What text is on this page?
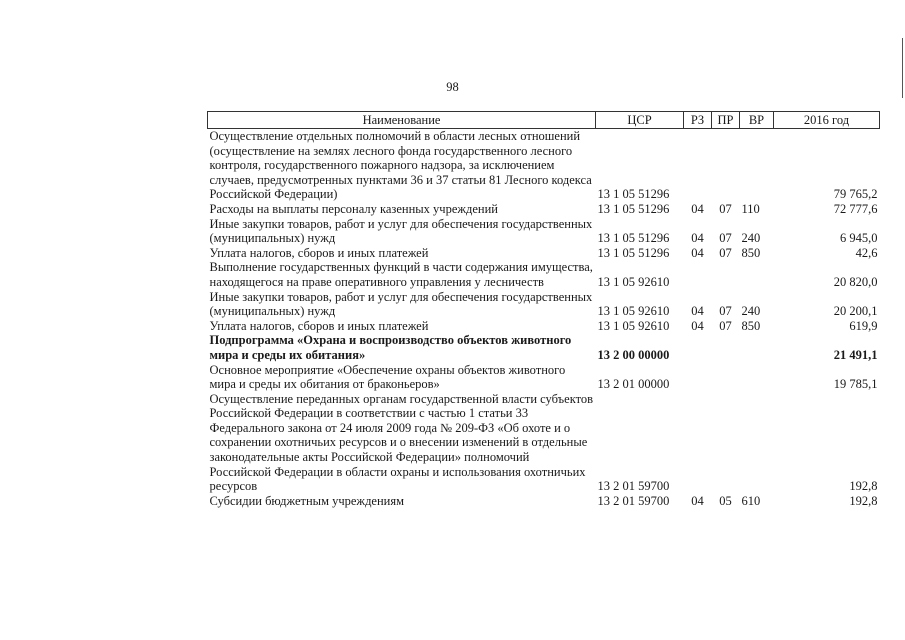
98
Наименование	ЦСР	РЗ	ПР	ВР	2016 год
Осуществление отдельных полномочий в области лесных отношений (осуществление на землях лесного фонда государственного лесного контроля, государственного пожарного надзора, за исключением случаев, предусмотренных пунктами 36 и 37 статьи 81 Лесного кодекса Российской Федерации)	13 1 05 51296				79 765,2
Расходы на выплаты персоналу казенных учреждений	13 1 05 51296	04	07	110	72 777,6
Иные закупки товаров, работ и услуг для обеспечения государственных (муниципальных) нужд	13 1 05 51296	04	07	240	6 945,0
Уплата налогов, сборов и иных платежей	13 1 05 51296	04	07	850	42,6
Выполнение государственных функций в части содержания имущества, находящегося на праве оперативного управления у лесничеств	13 1 05 92610				20 820,0
Иные закупки товаров, работ и услуг для обеспечения государственных (муниципальных) нужд	13 1 05 92610	04	07	240	20 200,1
Уплата налогов, сборов и иных платежей	13 1 05 92610	04	07	850	619,9
Подпрограмма «Охрана и воспроизводство объектов животного мира и среды их обитания»	13 2 00 00000				21 491,1
Основное мероприятие «Обеспечение охраны объектов животного мира и среды их обитания от браконьеров»	13 2 01 00000				19 785,1
Осуществление переданных органам государственной власти субъектов Российской Федерации в соответствии с частью 1 статьи 33 Федерального закона от 24 июля 2009 года № 209-ФЗ «Об охоте и о сохранении охотничьих ресурсов и о внесении изменений в отдельные законодательные акты Российской Федерации» полномочий Российской Федерации в области охраны и использования охотничьих ресурсов	13 2 01 59700				192,8
Субсидии бюджетным учреждениям	13 2 01 59700	04	05	610	192,8
